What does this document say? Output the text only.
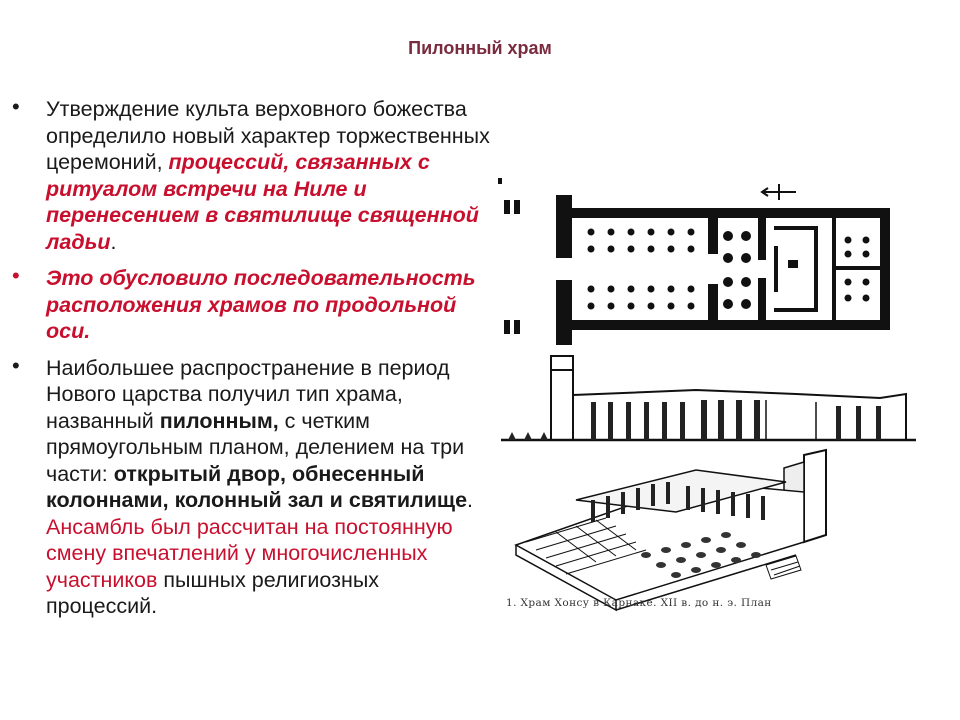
Пилонный храм
• Утверждение культа верховного божества определило новый характер торжественных церемоний, процессий, связанных с ритуалом встречи на Ниле и перенесением в святилище священной ладьи.
• Это обусловило последовательность расположения храмов по продольной оси.
• Наибольшее распространение в период Нового царства получил тип храма, названный пилонным, с четким прямоугольным планом, делением на три части: открытый двор, обнесенный колоннами, колонный зал и святилище. Ансамбль был рассчитан на постоянную смену впечатлений у многочисленных участников пышных религиозных процессий.	1. Храм Хонсу в Карнаке. XII в. до н. э. План
